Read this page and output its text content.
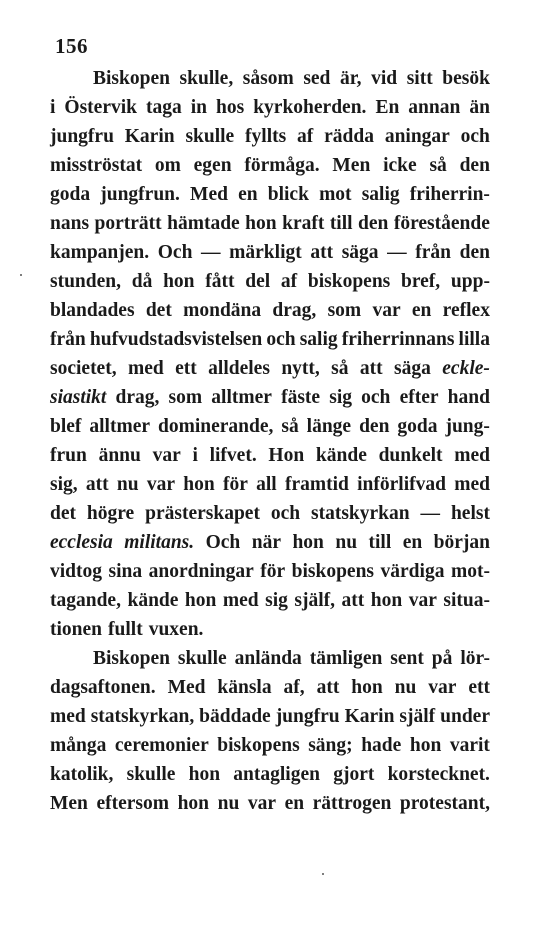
156
Biskopen skulle, såsom sed är, vid sitt besök
i Östervik taga in hos kyrkoherden. En annan än
jungfru Karin skulle fyllts af rädda aningar och
misströstat om egen förmåga. Men icke så den
goda jungfrun. Med en blick mot salig friherrin-
nans porträtt hämtade hon kraft till den förestående
kampanjen. Och — märkligt att säga — från den
stunden, då hon fått del af biskopens bref, upp-
blandades det mondäna drag, som var en reflex
från hufvudstadsvistelsen och salig friherrinnans lilla
societet, med ett alldeles nytt, så att säga eckle-
siastikt drag, som alltmer fäste sig och efter hand
blef alltmer dominerande, så länge den goda jung-
frun ännu var i lifvet. Hon kände dunkelt med
sig, att nu var hon för all framtid införlifvad med
det högre prästerskapet och statskyrkan — helst
ecclesia militans. Och när hon nu till en början
vidtog sina anordningar för biskopens värdiga mot-
tagande, kände hon med sig själf, att hon var situa-
tionen fullt vuxen.
Biskopen skulle anlända tämligen sent på lör-
dagsaftonen. Med känsla af, att hon nu var ett
med statskyrkan, bäddade jungfru Karin själf under
många ceremonier biskopens säng; hade hon varit
katolik, skulle hon antagligen gjort korstecknet.
Men eftersom hon nu var en rättrogen protestant,
